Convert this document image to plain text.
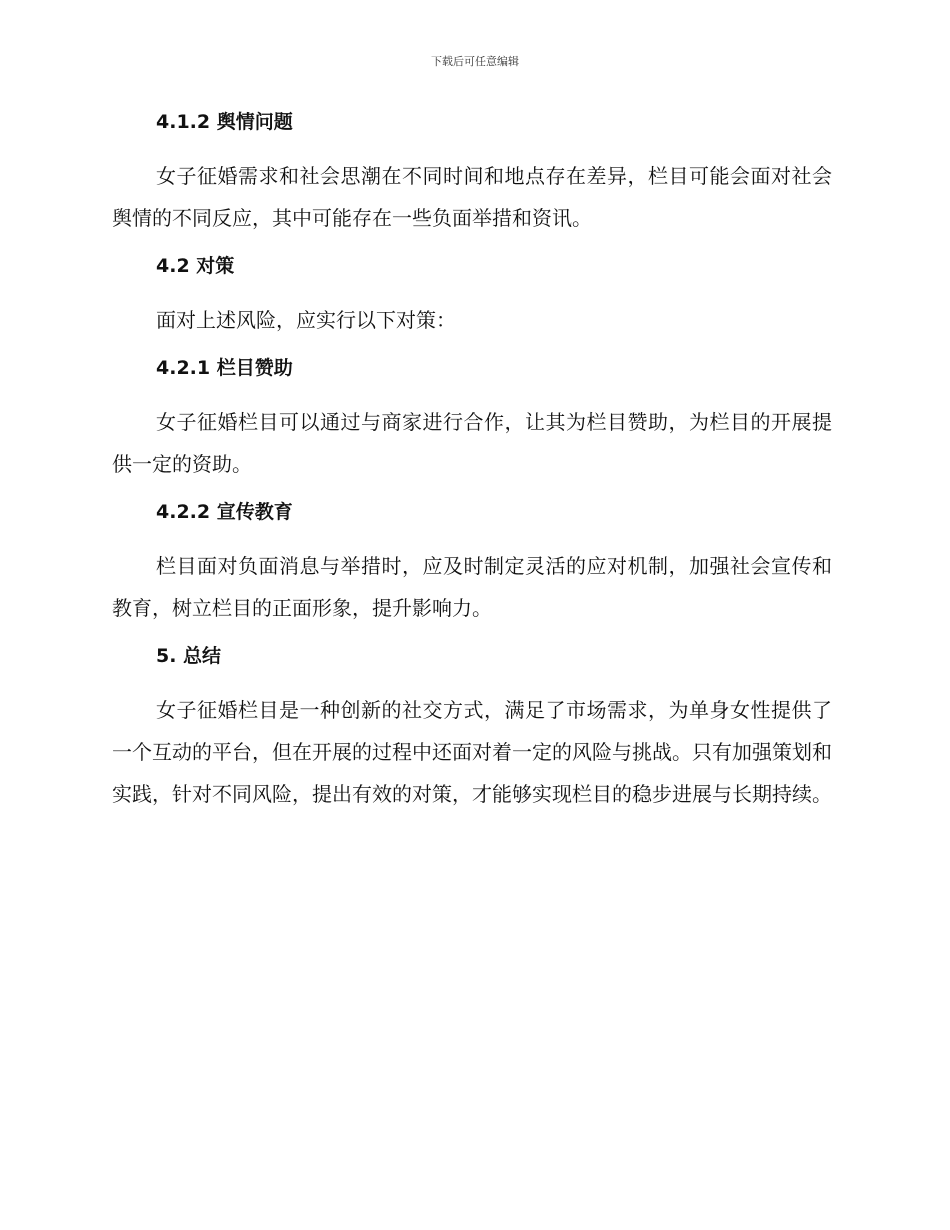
下载后可任意编辑
4.1.2 舆情问题

女子征婚需求和社会思潮在不同时间和地点存在差异，栏目可能会面对社会舆情的不同反应，其中可能存在一些负面举措和资讯。

4.2 对策

面对上述风险，应实行以下对策：

4.2.1 栏目赞助

女子征婚栏目可以通过与商家进行合作，让其为栏目赞助，为栏目的开展提供一定的资助。

4.2.2 宣传教育

栏目面对负面消息与举措时，应及时制定灵活的应对机制，加强社会宣传和教育，树立栏目的正面形象，提升影响力。

5. 总结

女子征婚栏目是一种创新的社交方式，满足了市场需求，为单身女性提供了一个互动的平台，但在开展的过程中还面对着一定的风险与挑战。只有加强策划和实践，针对不同风险，提出有效的对策，才能够实现栏目的稳步进展与长期持续。
